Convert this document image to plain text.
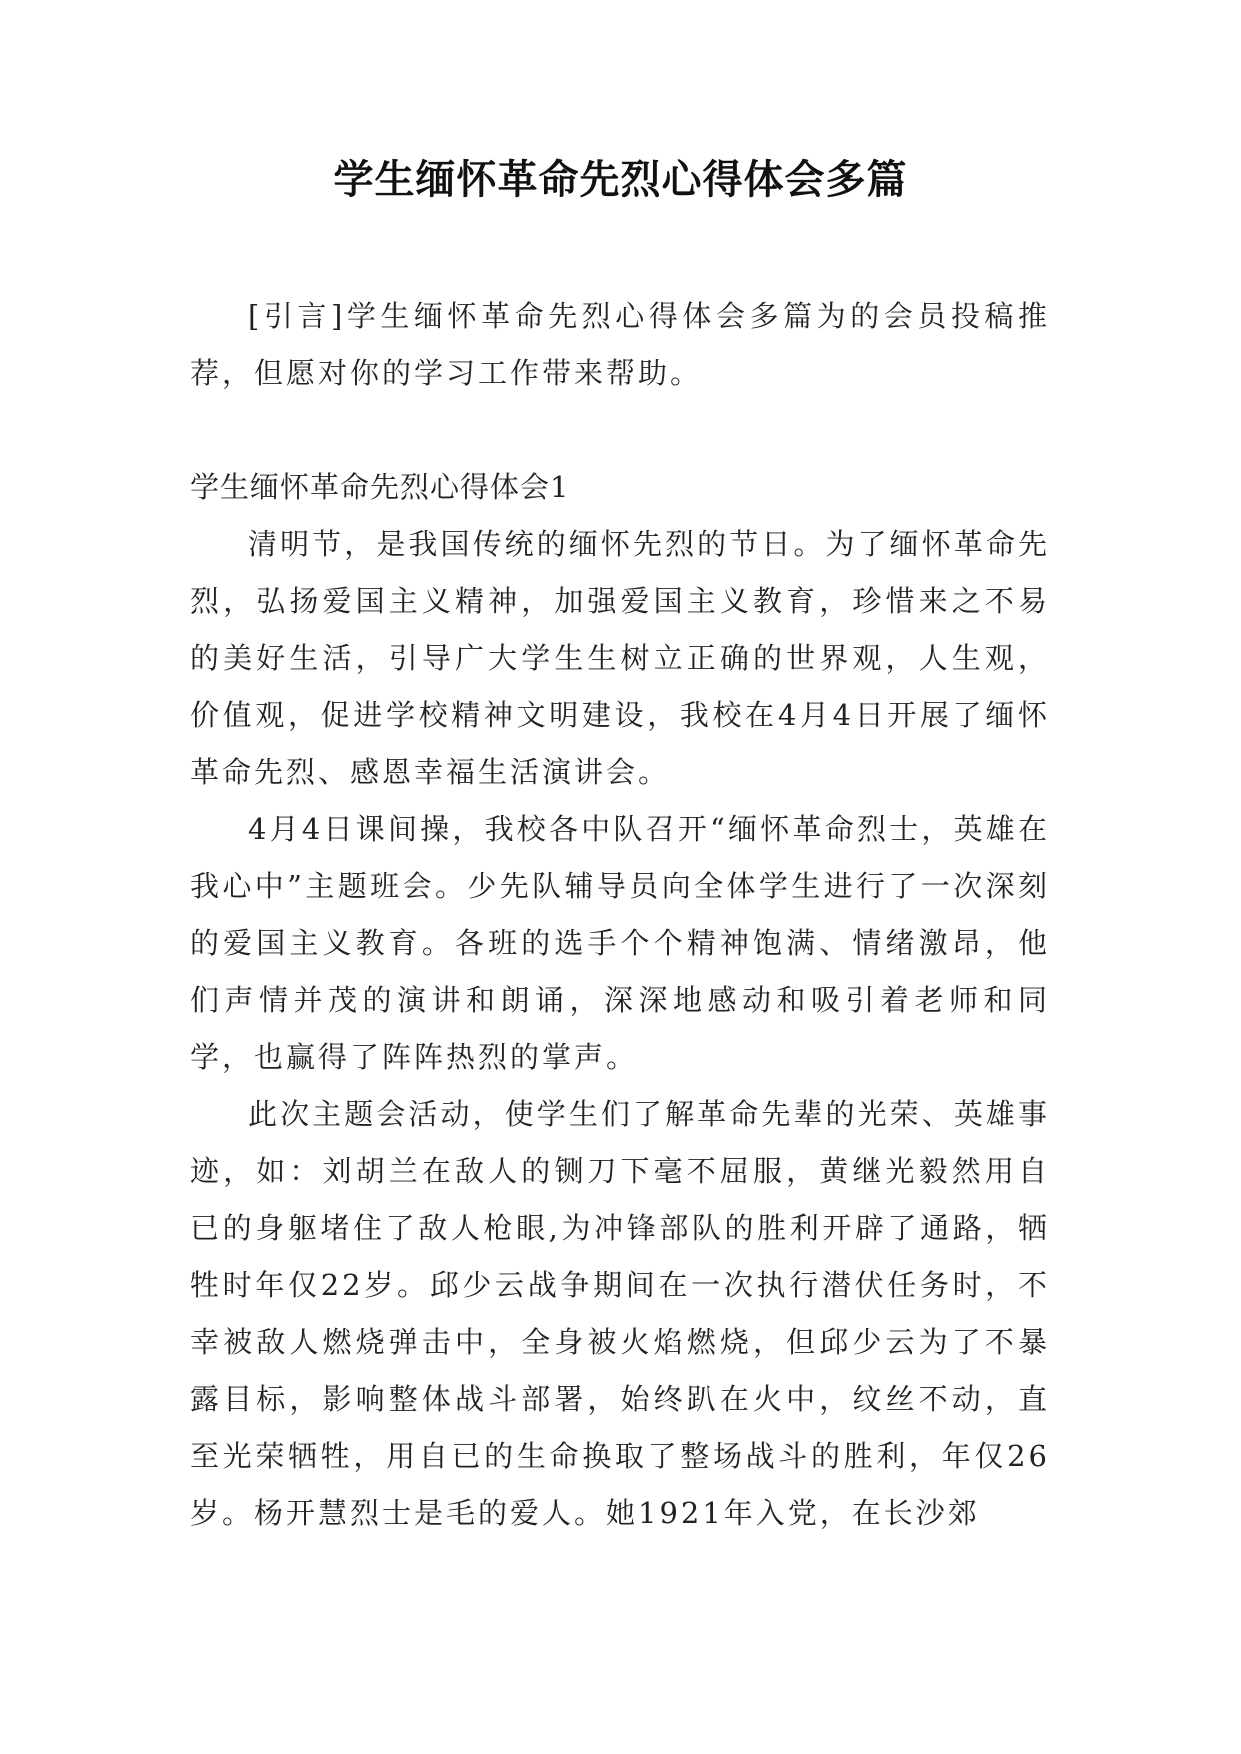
学生缅怀革命先烈心得体会多篇

[引言]学生缅怀革命先烈心得体会多篇为的会员投稿推荐，但愿对你的学习工作带来帮助。

学生缅怀革命先烈心得体会1

清明节，是我国传统的缅怀先烈的节日。为了缅怀革命先烈，弘扬爱国主义精神，加强爱国主义教育，珍惜来之不易的美好生活，引导广大学生生树立正确的世界观，人生观，价值观，促进学校精神文明建设，我校在4月4日开展了缅怀革命先烈、感恩幸福生活演讲会。

4月4日课间操，我校各中队召开“缅怀革命烈士，英雄在我心中”主题班会。少先队辅导员向全体学生进行了一次深刻的爱国主义教育。各班的选手个个精神饱满、情绪激昂，他们声情并茂的演讲和朗诵，深深地感动和吸引着老师和同学，也赢得了阵阵热烈的掌声。

此次主题会活动，使学生们了解革命先辈的光荣、英雄事迹，如：刘胡兰在敌人的铡刀下毫不屈服，黄继光毅然用自已的身躯堵住了敌人枪眼,为冲锋部队的胜利开辟了通路，牺牲时年仅22岁。邱少云战争期间在一次执行潜伏任务时，不幸被敌人燃烧弹击中，全身被火焰燃烧，但邱少云为了不暴露目标，影响整体战斗部署，始终趴在火中，纹丝不动，直至光荣牺牲，用自已的生命换取了整场战斗的胜利，年仅26岁。杨开慧烈士是毛的爱人。她1921年入党，在长沙郊
